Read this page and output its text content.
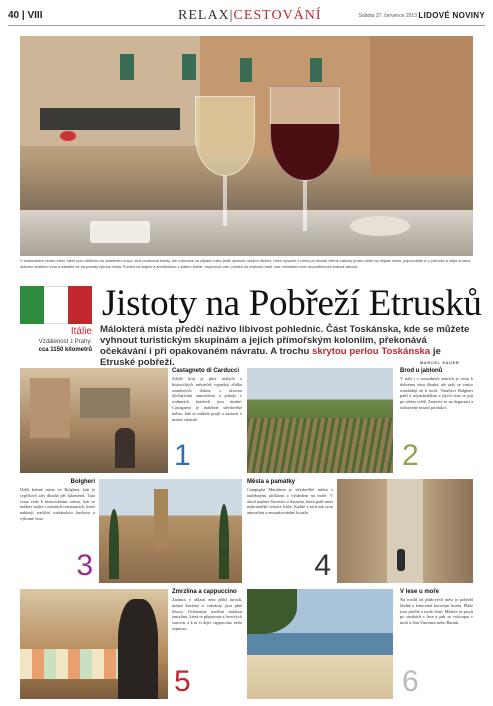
40 | VIII	RELAX|CESTOVÁNÍ	Sobota 27. července 2013 LIDOVÉ NOVINY
V toskánském centru měst, které jsou většinou na malebném kopci, sice porázoval turisty, ale rozhodně na nějaké místo ještě opravdu úzkými ulicemi, nebo vyrazíte v rámci po dlouhé větrné zákruty prosto nebo na nějaké místo, popovídejte si s průvodci a dejte si kávu, sklenku místního vína a naladíte se na pomalý rytmus místa. Pohled na krajinu a architekturu v zlatém světle, doprovodí vás i pohled do místních barů, kde nebudete moci nepostřehnout krásná zákoutí.
Jistoty na Pobřeží Etrusků
Itálie
Vzdálenost z Prahy:
cca 1150 kilometrů
Málokterá místa předčí naživo libivost pohlednic. Část Toskánska, kde se můžete vyhnout turistickým skupinám a jejich přímořským koloniím, překonává očekávání i při opakovaném návratu. A trochu skrytou perlou Toskánska je Etruské pobřeží.	MARCEL SAUER
Castagneto di Carducci
Zdejší kraj je plný malých a historických městeček vypadají zřídka zasažených dobou, s ulicemi dýchajícími atmosférou a pokoje v rodinných hotelech jsou útulné. Castagneto je malebné středověké město, kde se můžete projít a zastavit v místní vinárně.
1
Brod u jablonů
V naší i v sousedních zemích je cesta k dobrému vínu dlouhá, ale tady se vinice rozkládají až k moři. Vinařství Bolgheri patří k nejznámějším a jejich vína se pijí po celém světě. Zastavte se na degustaci a ochutnejte místní produkci.
2
Bolgheri
Další krásné místo ve Bolgheri, kde je cypřišová alej dlouhá pět kilometrů. Tato cesta vede k historickému centru, kde se můžete najíst v místních restauracích, které nabízejí tradiční toskánskou kuchyni a výborné víno.
3
Města a památky
Campiglia Marittima je středověké město s malebnými uličkami a výhledem na moře. V okolí najdete Suvereto a Sassetta, která patří mezi nejkrásnější vesnice Itálie. Každé z nich má svou atmosféru a neopakovatelné kouzlo.
4
Zmrzlina a cappuccino
Zatímco v oblasti není příliš turistů, místní kavárny a cukrárny jsou plné života. Ochutnejte tradiční italskou zmrzlinu, která se připravuje z čerstvých surovin, a k ní si dejte cappuccino nebo espresso.
5
V lese u moře
Na rozdíl od plážových měst je pobřeží klidné a lemované borovým lesem. Pláže jsou písčité a moře čisté. Můžete se projít po stezkách v lese a pak se vykoupat v moři u San Vincenzo nebo Baratti.
6
